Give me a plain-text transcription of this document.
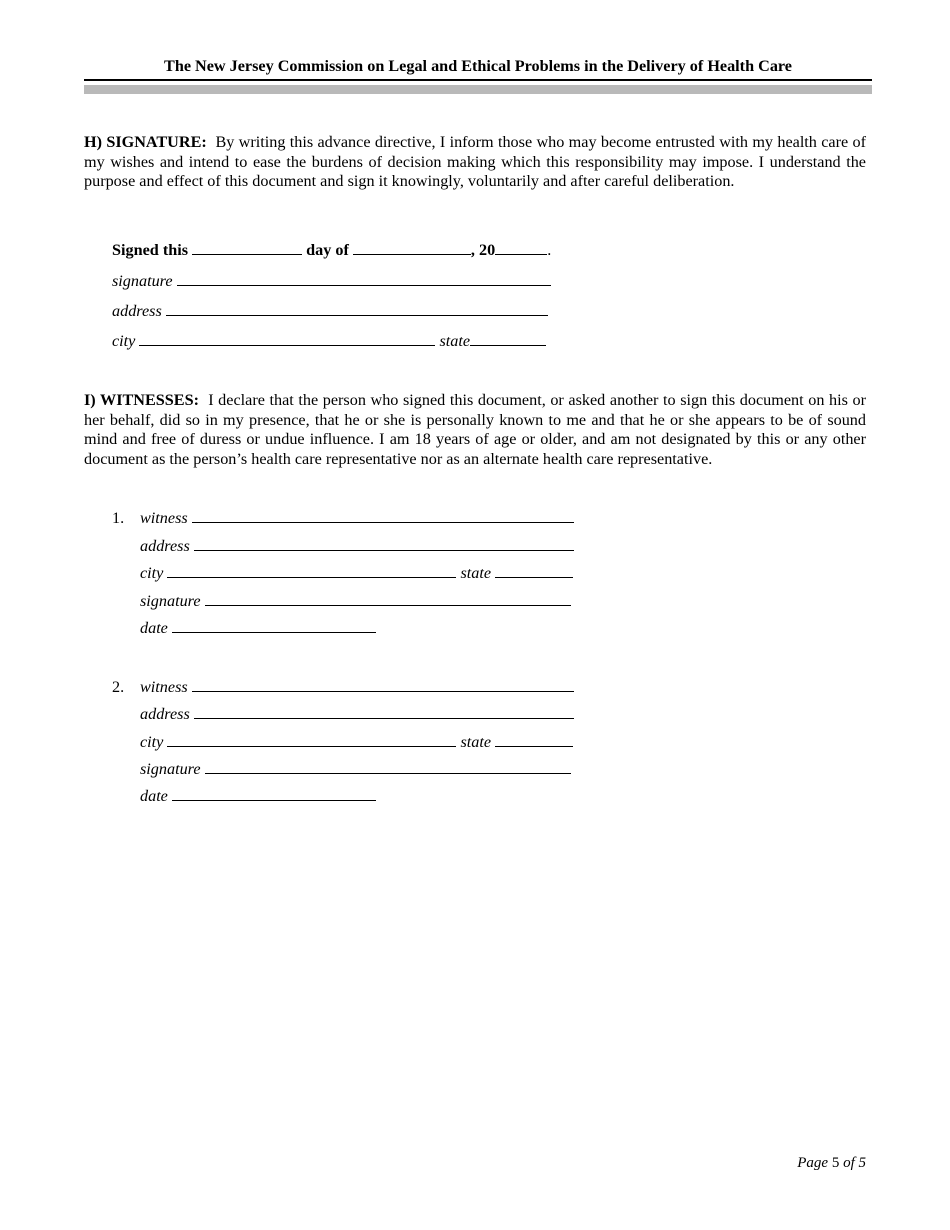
The New Jersey Commission on Legal and Ethical Problems in the Delivery of Health Care

H) SIGNATURE: By writing this advance directive, I inform those who may become entrusted with my health care of my wishes and intend to ease the burdens of decision making which this responsibility may impose. I understand the purpose and effect of this document and sign it knowingly, voluntarily and after careful deliberation.

Signed this	day of	, 20	.
signature
address
city	state

I) WITNESSES: I declare that the person who signed this document, or asked another to sign this document on his or her behalf, did so in my presence, that he or she is personally known to me and that he or she appears to be of sound mind and free of duress or undue influence. I am 18 years of age or older, and am not designated by this or any other document as the person’s health care representative nor as an alternate health care representative.

1. witness
address
city	state
signature
date
2. witness
address
city	state
signature
date
Page 5 of 5
